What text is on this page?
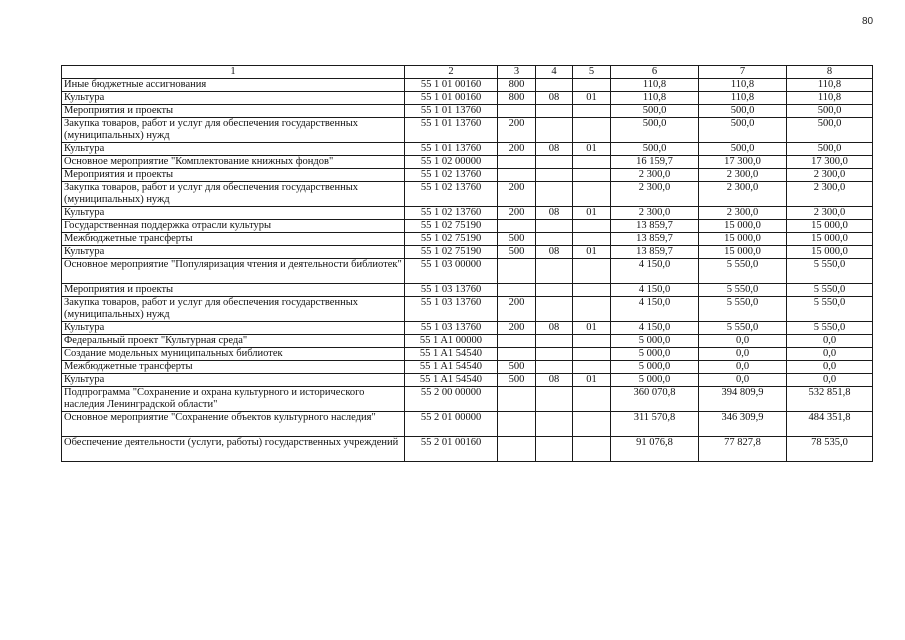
80
1	2	3	4	5	6	7	8
Иные бюджетные ассигнования	55 1 01 00160	800			110,8	110,8	110,8
Культура	55 1 01 00160	800	08	01	110,8	110,8	110,8
Мероприятия и проекты	55 1 01 13760				500,0	500,0	500,0
Закупка товаров, работ и услуг для обеспечения государственных (муниципальных) нужд	55 1 01 13760	200			500,0	500,0	500,0
Культура	55 1 01 13760	200	08	01	500,0	500,0	500,0
Основное мероприятие "Комплектование книжных фондов"	55 1 02 00000				16 159,7	17 300,0	17 300,0
Мероприятия и проекты	55 1 02 13760				2 300,0	2 300,0	2 300,0
Закупка товаров, работ и услуг для обеспечения государственных (муниципальных) нужд	55 1 02 13760	200			2 300,0	2 300,0	2 300,0
Культура	55 1 02 13760	200	08	01	2 300,0	2 300,0	2 300,0
Государственная поддержка отрасли культуры	55 1 02 75190				13 859,7	15 000,0	15 000,0
Межбюджетные трансферты	55 1 02 75190	500			13 859,7	15 000,0	15 000,0
Культура	55 1 02 75190	500	08	01	13 859,7	15 000,0	15 000,0
Основное мероприятие "Популяризация чтения и деятельности библиотек"	55 1 03 00000				4 150,0	5 550,0	5 550,0
Мероприятия и проекты	55 1 03 13760				4 150,0	5 550,0	5 550,0
Закупка товаров, работ и услуг для обеспечения государственных (муниципальных) нужд	55 1 03 13760	200			4 150,0	5 550,0	5 550,0
Культура	55 1 03 13760	200	08	01	4 150,0	5 550,0	5 550,0
Федеральный проект "Культурная среда"	55 1 A1 00000				5 000,0	0,0	0,0
Создание модельных муниципальных библиотек	55 1 A1 54540				5 000,0	0,0	0,0
Межбюджетные трансферты	55 1 A1 54540	500			5 000,0	0,0	0,0
Культура	55 1 A1 54540	500	08	01	5 000,0	0,0	0,0
Подпрограмма "Сохранение и охрана культурного и исторического наследия Ленинградской области"	55 2 00 00000				360 070,8	394 809,9	532 851,8
Основное мероприятие "Сохранение объектов культурного наследия"	55 2 01 00000				311 570,8	346 309,9	484 351,8
Обеспечение деятельности (услуги, работы) государственных учреждений	55 2 01 00160				91 076,8	77 827,8	78 535,0
